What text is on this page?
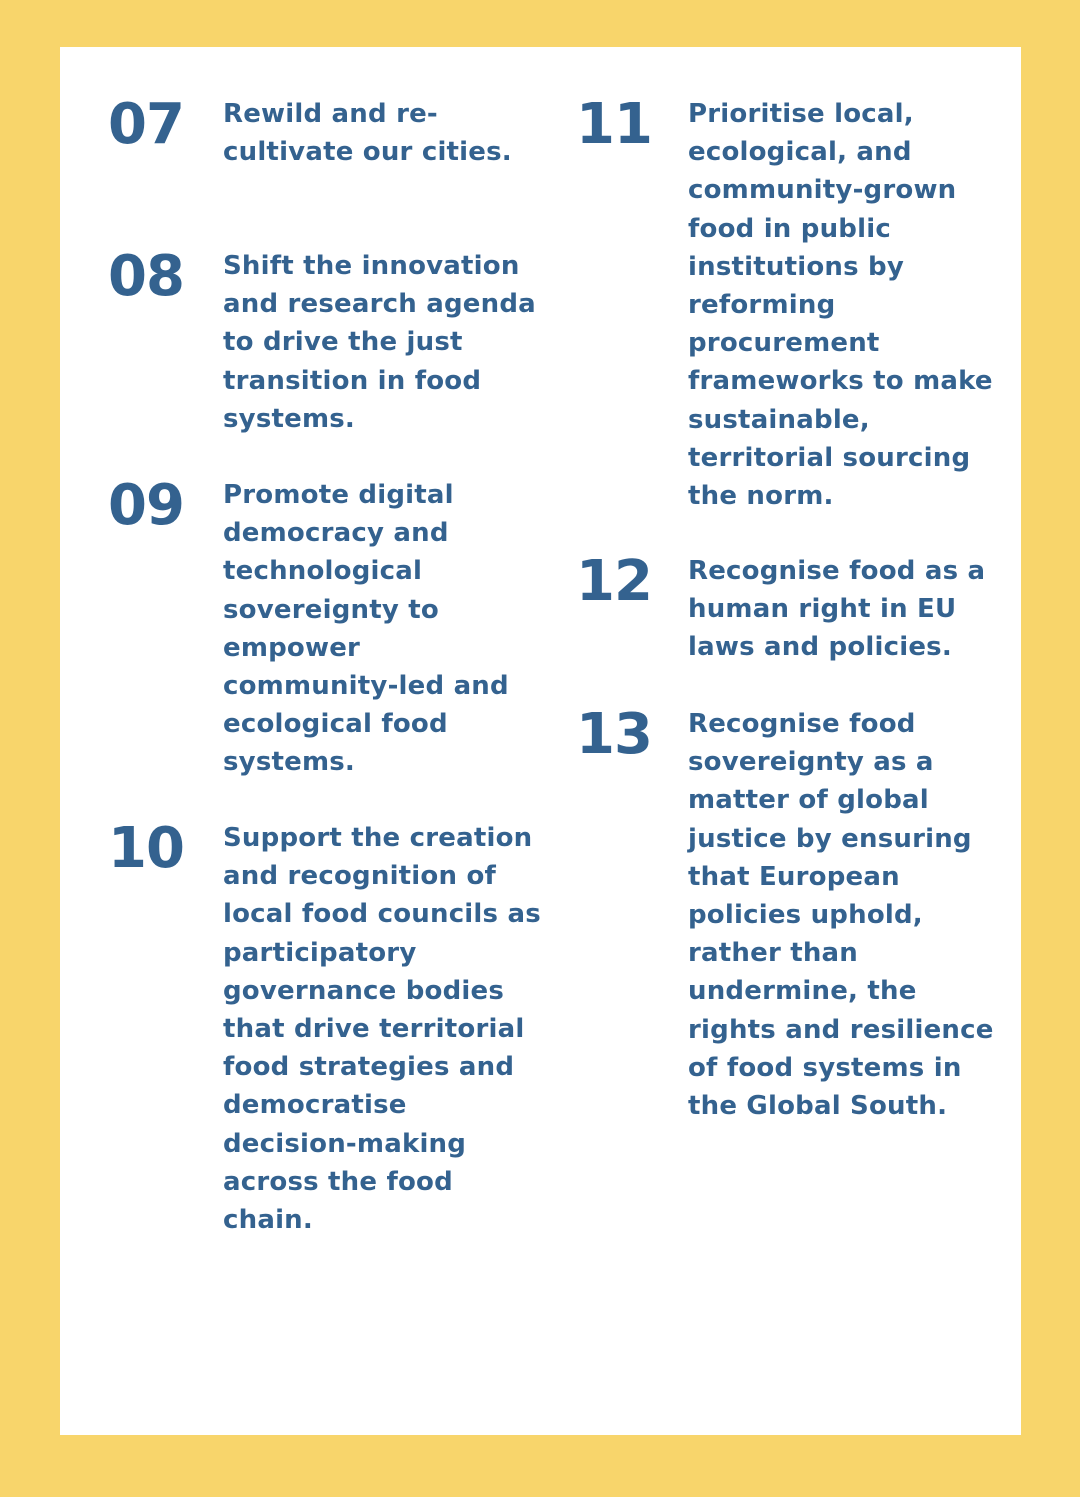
07 Rewild and re-
cultivate our cities.
08 Shift the innovation
and research agenda
to drive the just
transition in food
systems.
09 Promote digital
democracy and
technological
sovereignty to
empower
community-led and
ecological food
systems.
10 Support the creation
and recognition of
local food councils as
participatory
governance bodies
that drive territorial
food strategies and
democratise
decision-making
across the food
chain.
11 Prioritise local,
ecological, and
community-grown
food in public
institutions by
reforming
procurement
frameworks to make
sustainable,
territorial sourcing
the norm.
12 Recognise food as a
human right in EU
laws and policies.
13 Recognise food
sovereignty as a
matter of global
justice by ensuring
that European
policies uphold,
rather than
undermine, the
rights and resilience
of food systems in
the Global South.
